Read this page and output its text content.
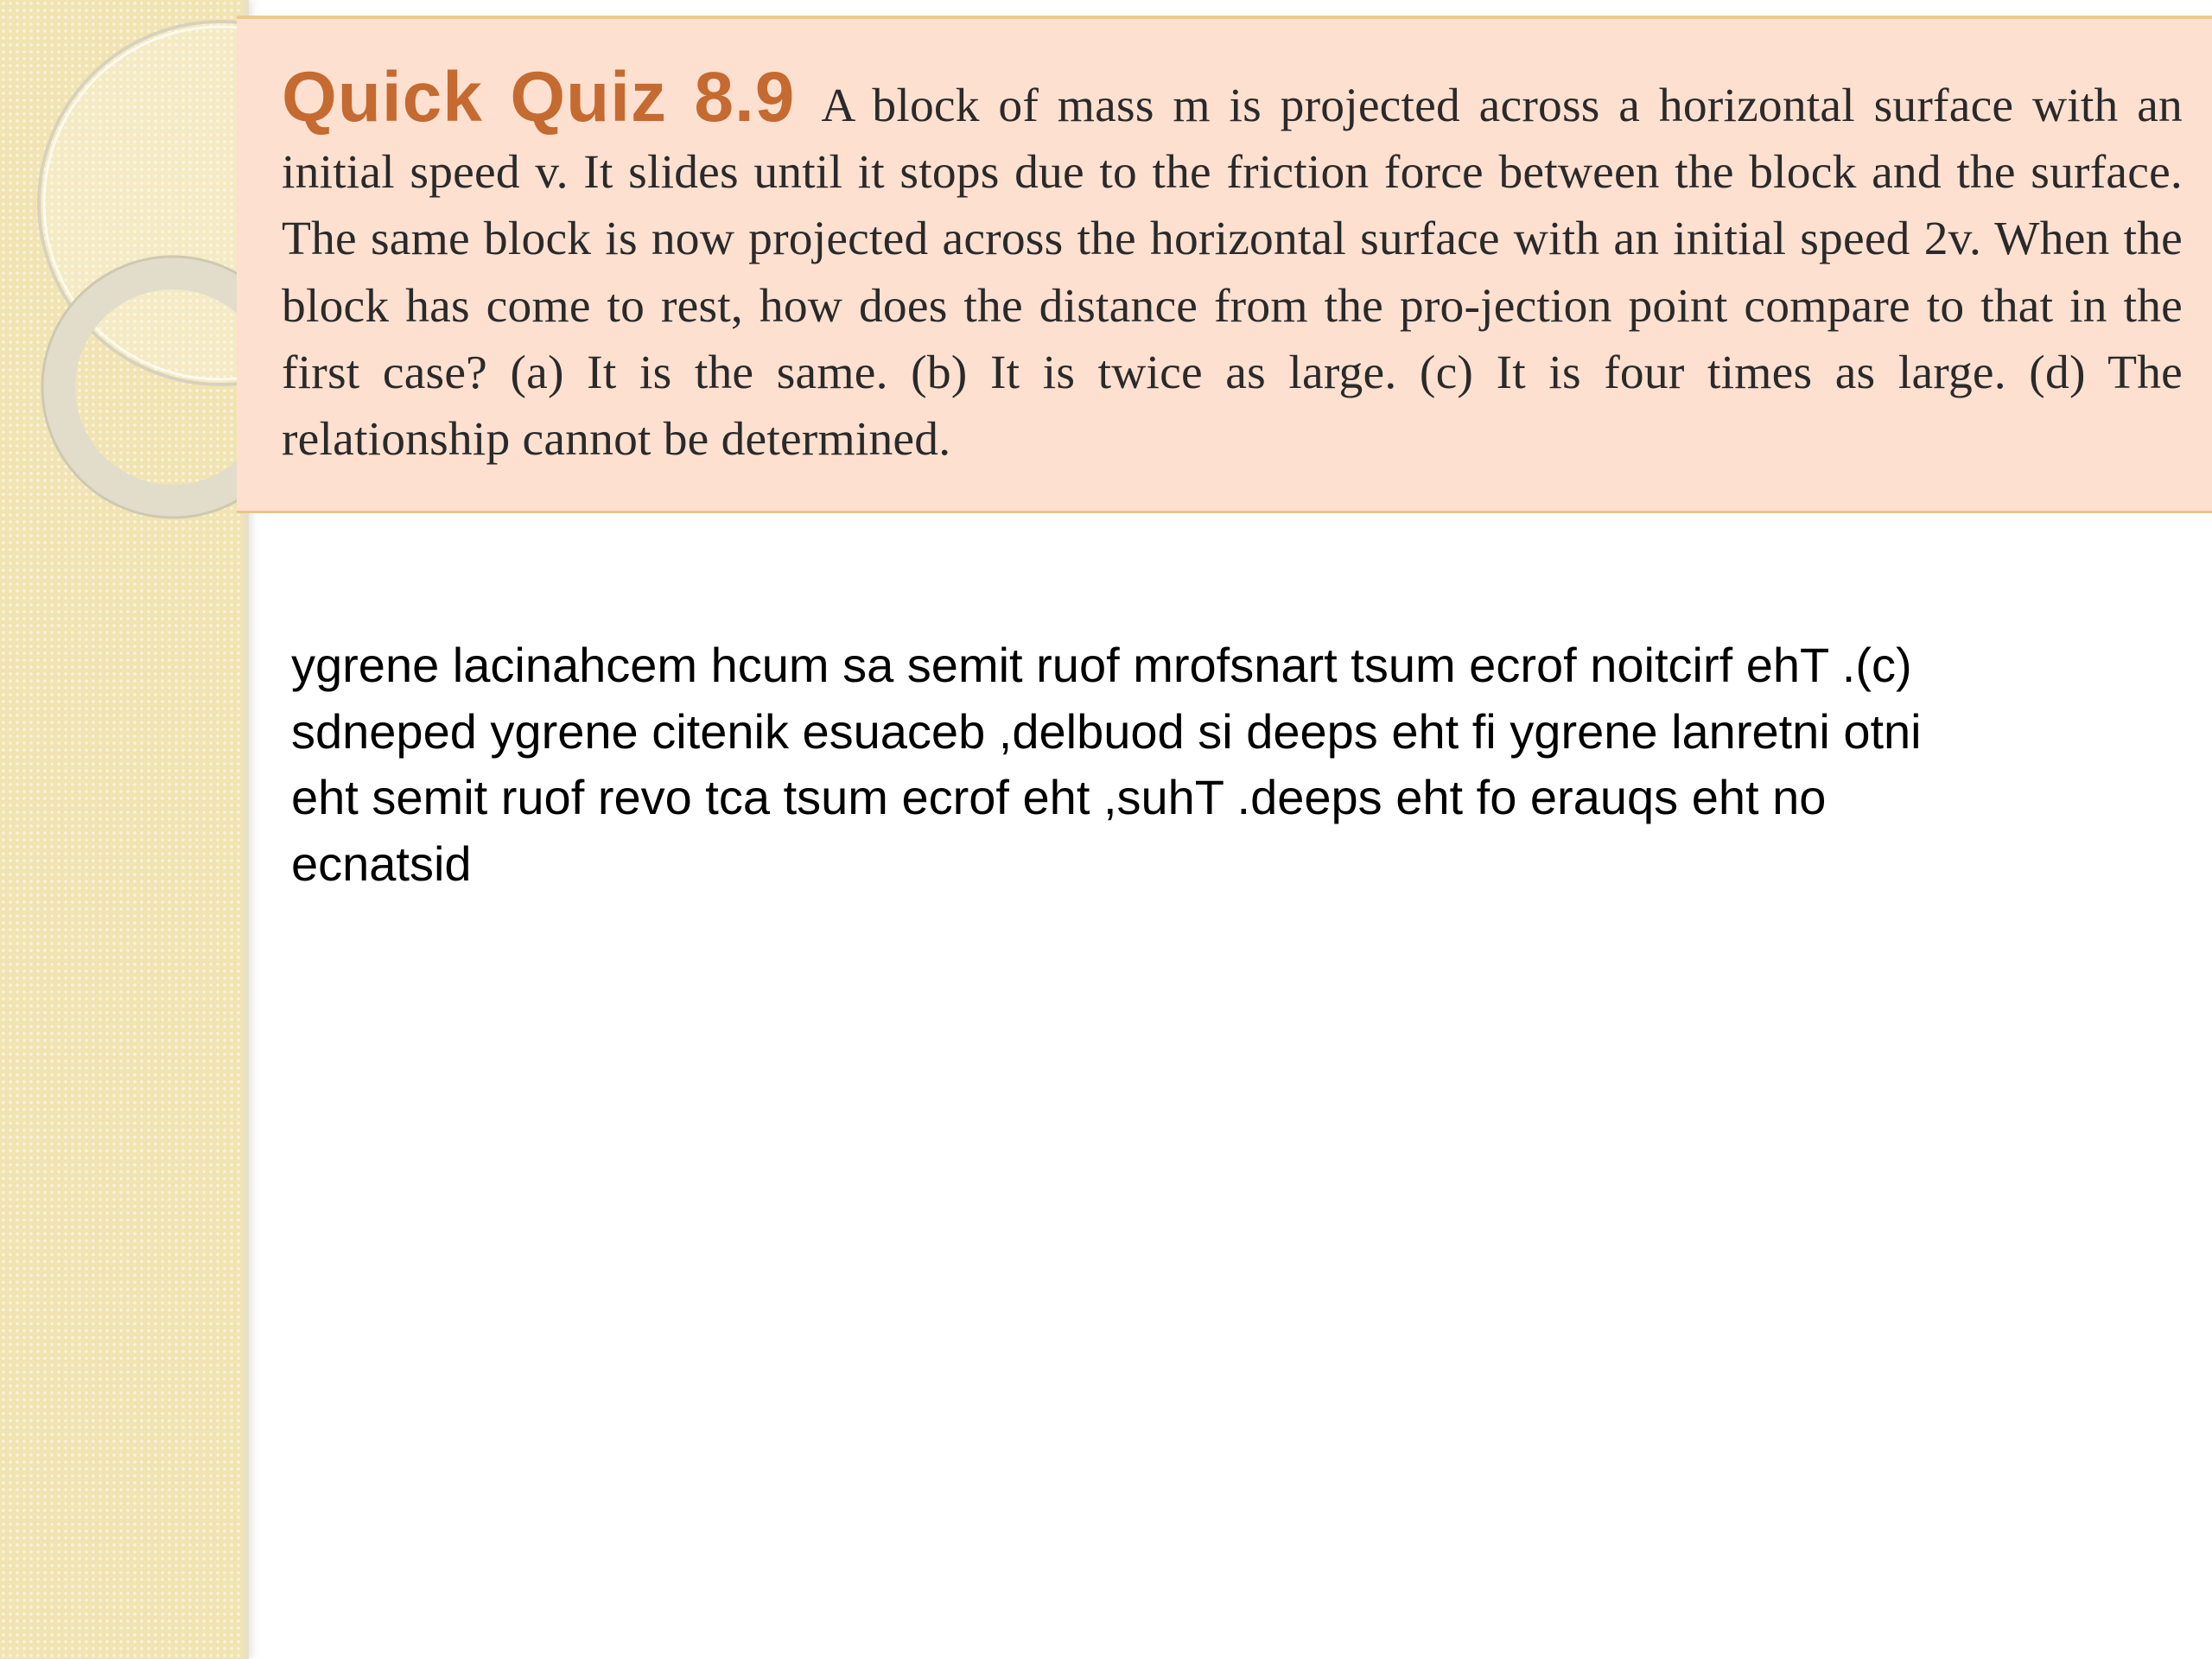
Quick Quiz 8.9 A block of mass m is projected across a horizontal surface with an initial speed v. It slides until it stops due to the friction force between the block and the surface. The same block is now projected across the horizontal surface with an initial speed 2v. When the block has come to rest, how does the distance from the pro-jection point compare to that in the first case? (a) It is the same. (b) It is twice as large. (c) It is four times as large. (d) The relationship cannot be determined.
ygrene lacinahcem hcum sa semit ruof mrofsnart tsum ecrof noitcirf ehT .(c)
sdneped ygrene citenik esuaceb ,delbuod si deeps eht fi ygrene lanretni otni
eht semit ruof revo tca tsum ecrof eht ,suhT .deeps eht fo erauqs eht no
ecnatsid
